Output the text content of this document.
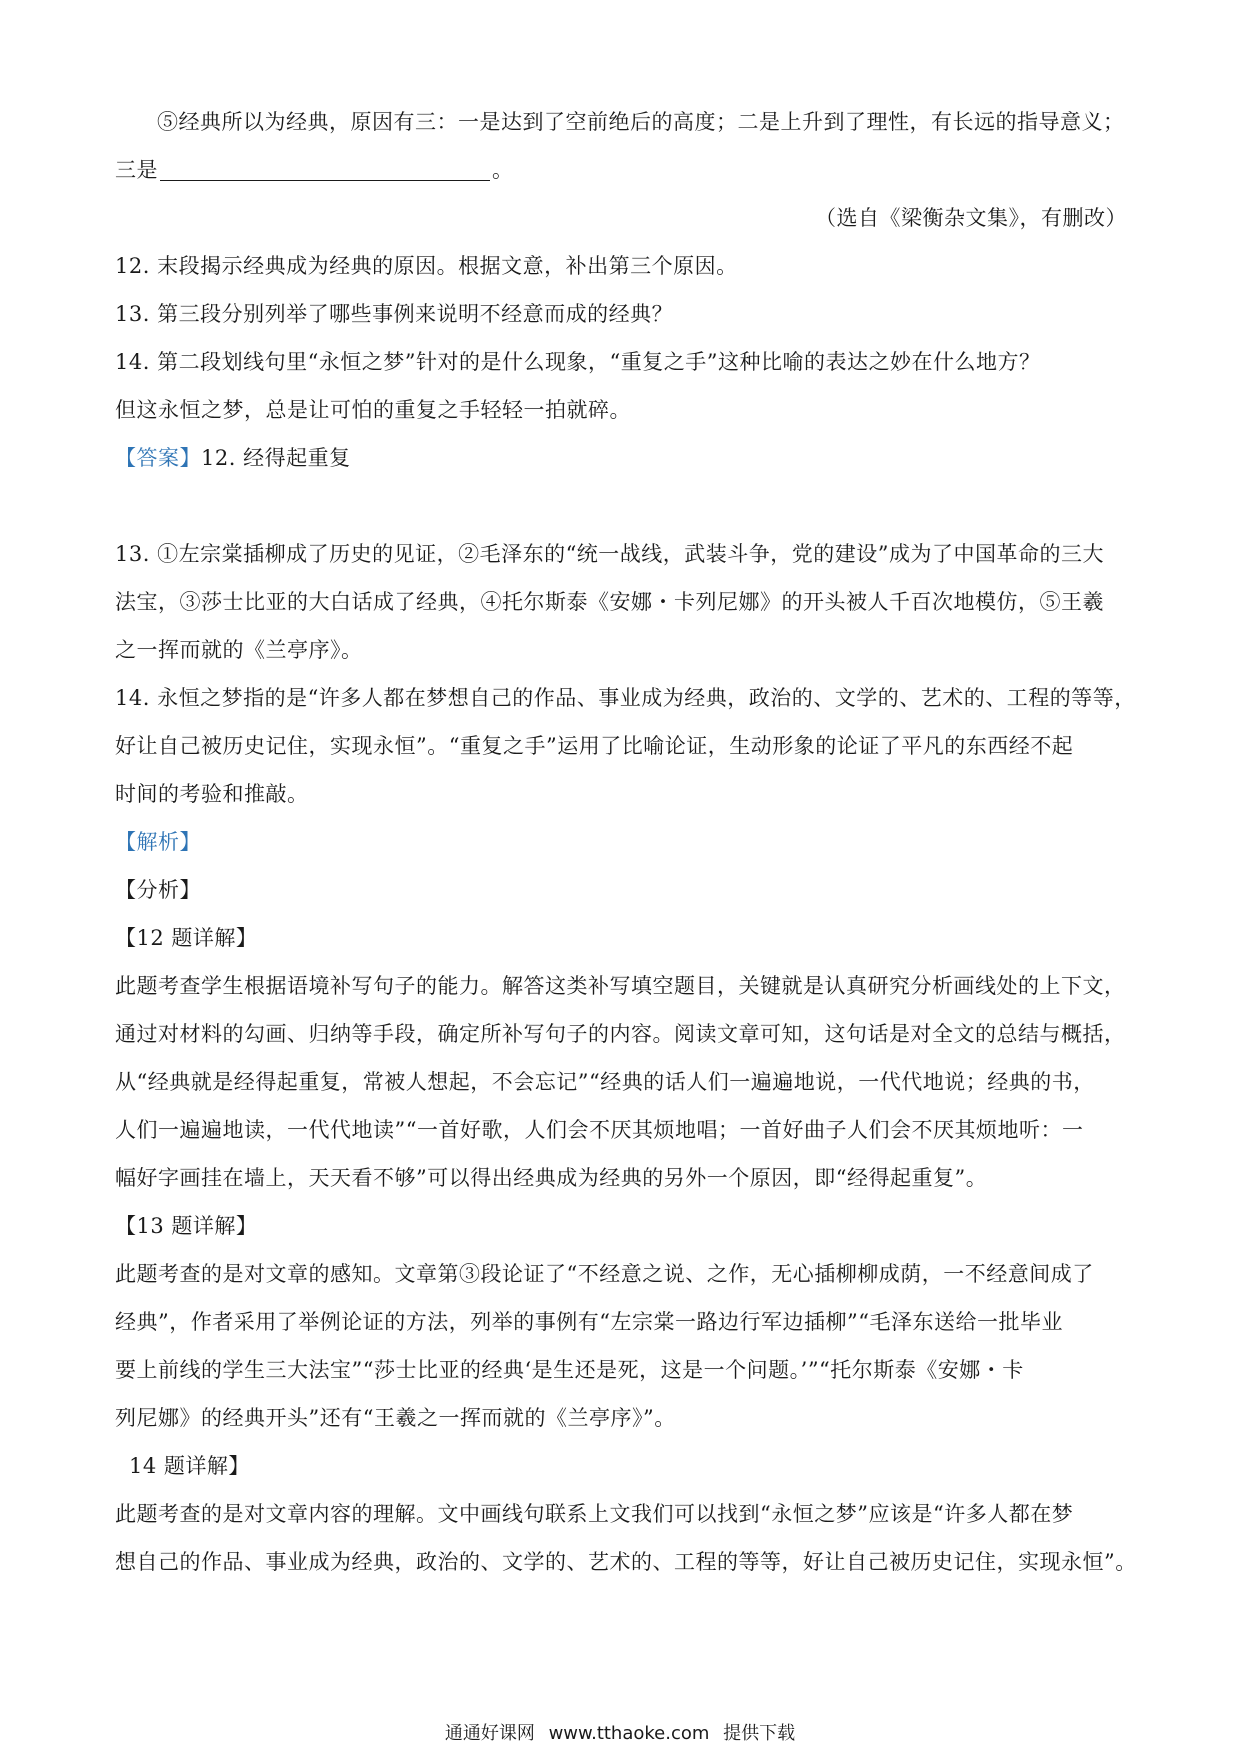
⑤经典所以为经典，原因有三：一是达到了空前绝后的高度；二是上升到了理性，有长远的指导意义；
三是	。
（选自《梁衡杂文集》，有删改）
12. 末段揭示经典成为经典的原因。根据文意，补出第三个原因。
13. 第三段分别列举了哪些事例来说明不经意而成的经典？
14. 第二段划线句里“永恒之梦”针对的是什么现象，“重复之手”这种比喻的表达之妙在什么地方？
但这永恒之梦，总是让可怕的重复之手轻轻一拍就碎。
【答案】12. 经得起重复
13. ①左宗棠插柳成了历史的见证，②毛泽东的“统一战线，武装斗争，党的建设”成为了中国革命的三大
法宝，③莎士比亚的大白话成了经典，④托尔斯泰《安娜・卡列尼娜》的开头被人千百次地模仿，⑤王羲
之一挥而就的《兰亭序》。
14. 永恒之梦指的是“许多人都在梦想自己的作品、事业成为经典，政治的、文学的、艺术的、工程的等等，
好让自己被历史记住，实现永恒”。“重复之手”运用了比喻论证，生动形象的论证了平凡的东西经不起
时间的考验和推敲。
【解析】
【分析】
【12 题详解】
此题考查学生根据语境补写句子的能力。解答这类补写填空题目，关键就是认真研究分析画线处的上下文，
通过对材料的勾画、归纳等手段，确定所补写句子的内容。阅读文章可知，这句话是对全文的总结与概括，
从“经典就是经得起重复，常被人想起，不会忘记”“经典的话人们一遍遍地说，一代代地说；经典的书，
人们一遍遍地读，一代代地读”“一首好歌，人们会不厌其烦地唱；一首好曲子人们会不厌其烦地听：一
幅好字画挂在墙上，天天看不够”可以得出经典成为经典的另外一个原因，即“经得起重复”。
【13 题详解】
此题考查的是对文章的感知。文章第③段论证了“不经意之说、之作，无心插柳柳成荫，一不经意间成了
经典”，作者采用了举例论证的方法，列举的事例有“左宗棠一路边行军边插柳”“毛泽东送给一批毕业
要上前线的学生三大法宝”“莎士比亚的经典‘是生还是死，这是一个问题。’”“托尔斯泰《安娜・卡
列尼娜》的经典开头”还有“王羲之一挥而就的《兰亭序》”。
14 题详解】
此题考查的是对文章内容的理解。文中画线句联系上文我们可以找到“永恒之梦”应该是“许多人都在梦
想自己的作品、事业成为经典，政治的、文学的、艺术的、工程的等等，好让自己被历史记住，实现永恒”。
通通好课网 www.tthaoke.com 提供下载
